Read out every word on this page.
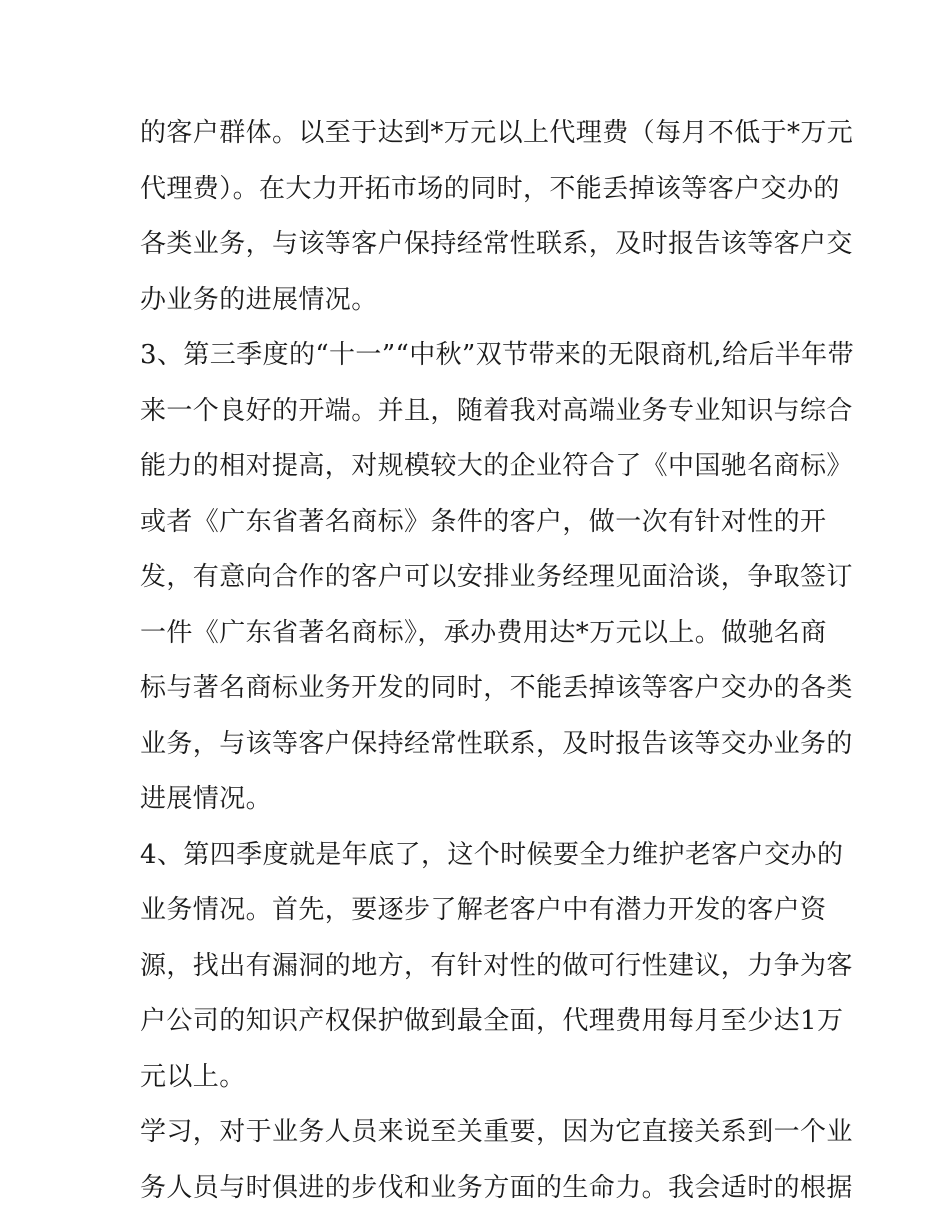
的客户群体。以至于达到*万元以上代理费（每月不低于*万元
代理费）。在大力开拓市场的同时，不能丢掉该等客户交办的
各类业务，与该等客户保持经常性联系，及时报告该等客户交
办业务的进展情况。
3、第三季度的“十一”“中秋”双节带来的无限商机,给后半年带
来一个良好的开端。并且，随着我对高端业务专业知识与综合
能力的相对提高，对规模较大的企业符合了《中国驰名商标》
或者《广东省著名商标》条件的客户，做一次有针对性的开
发，有意向合作的客户可以安排业务经理见面洽谈，争取签订
一件《广东省著名商标》，承办费用达*万元以上。做驰名商
标与著名商标业务开发的同时，不能丢掉该等客户交办的各类
业务，与该等客户保持经常性联系，及时报告该等交办业务的
进展情况。
4、第四季度就是年底了，这个时候要全力维护老客户交办的
业务情况。首先，要逐步了解老客户中有潜力开发的客户资
源，找出有漏洞的地方，有针对性的做可行性建议，力争为客
户公司的知识产权保护做到最全面，代理费用每月至少达1万
元以上。
学习，对于业务人员来说至关重要，因为它直接关系到一个业
务人员与时俱进的步伐和业务方面的生命力。我会适时的根据
